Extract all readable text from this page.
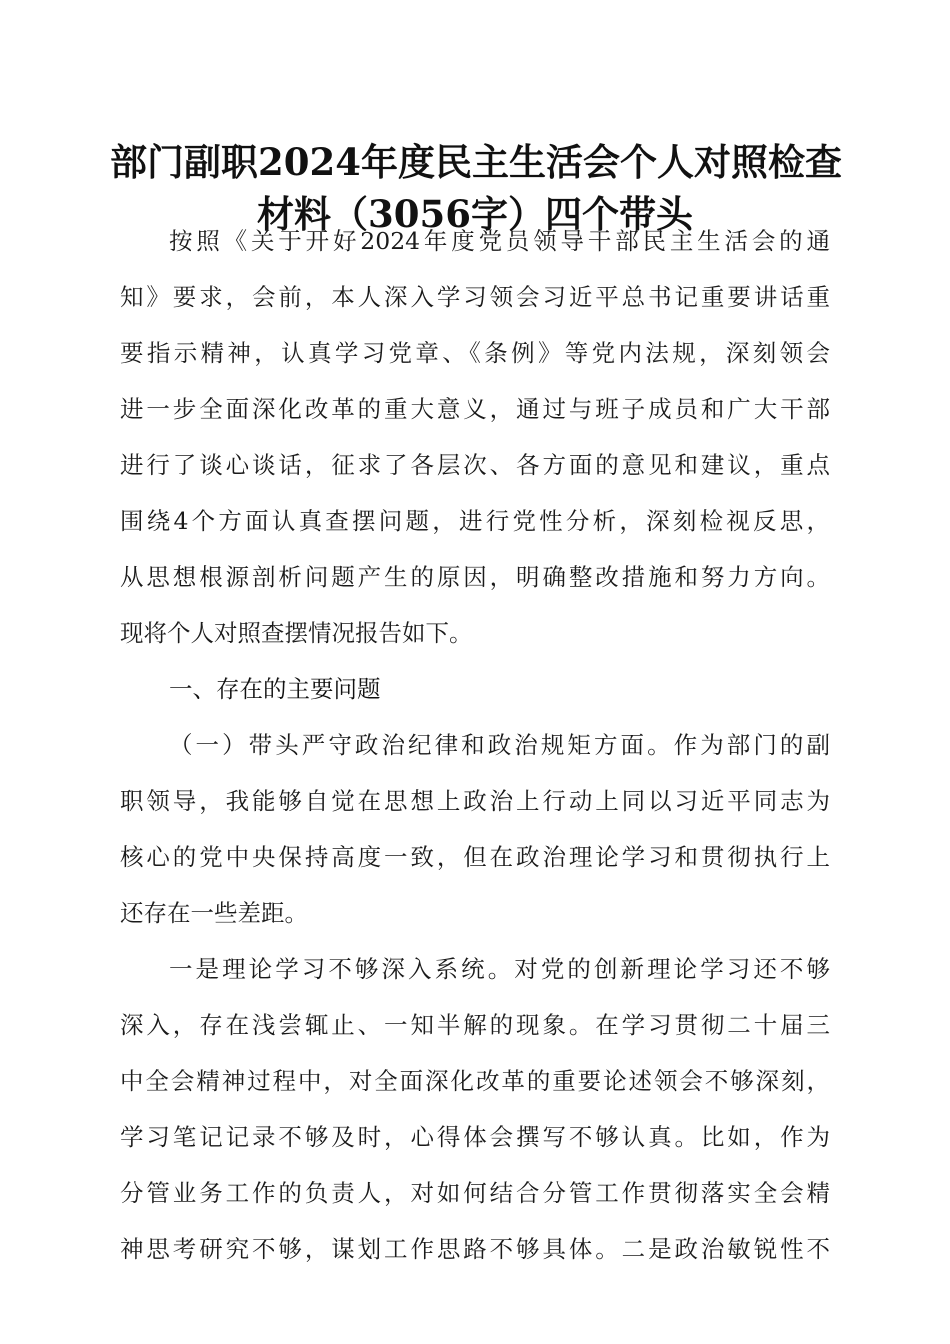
部门副职2024年度民主生活会个人对照检查
材料（3056字）四个带头
按照《关于开好2024年度党员领导干部民主生活会的通
知》要求，会前，本人深入学习领会习近平总书记重要讲话重
要指示精神，认真学习党章、《条例》等党内法规，深刻领会
进一步全面深化改革的重大意义，通过与班子成员和广大干部
进行了谈心谈话，征求了各层次、各方面的意见和建议，重点
围绕4个方面认真查摆问题，进行党性分析，深刻检视反思，
从思想根源剖析问题产生的原因，明确整改措施和努力方向。
现将个人对照查摆情况报告如下。
一、存在的主要问题
（一）带头严守政治纪律和政治规矩方面。作为部门的副
职领导，我能够自觉在思想上政治上行动上同以习近平同志为
核心的党中央保持高度一致，但在政治理论学习和贯彻执行上
还存在一些差距。
一是理论学习不够深入系统。对党的创新理论学习还不够
深入，存在浅尝辄止、一知半解的现象。在学习贯彻二十届三
中全会精神过程中，对全面深化改革的重要论述领会不够深刻，
学习笔记记录不够及时，心得体会撰写不够认真。比如，作为
分管业务工作的负责人，对如何结合分管工作贯彻落实全会精
神思考研究不够，谋划工作思路不够具体。二是政治敏锐性不
